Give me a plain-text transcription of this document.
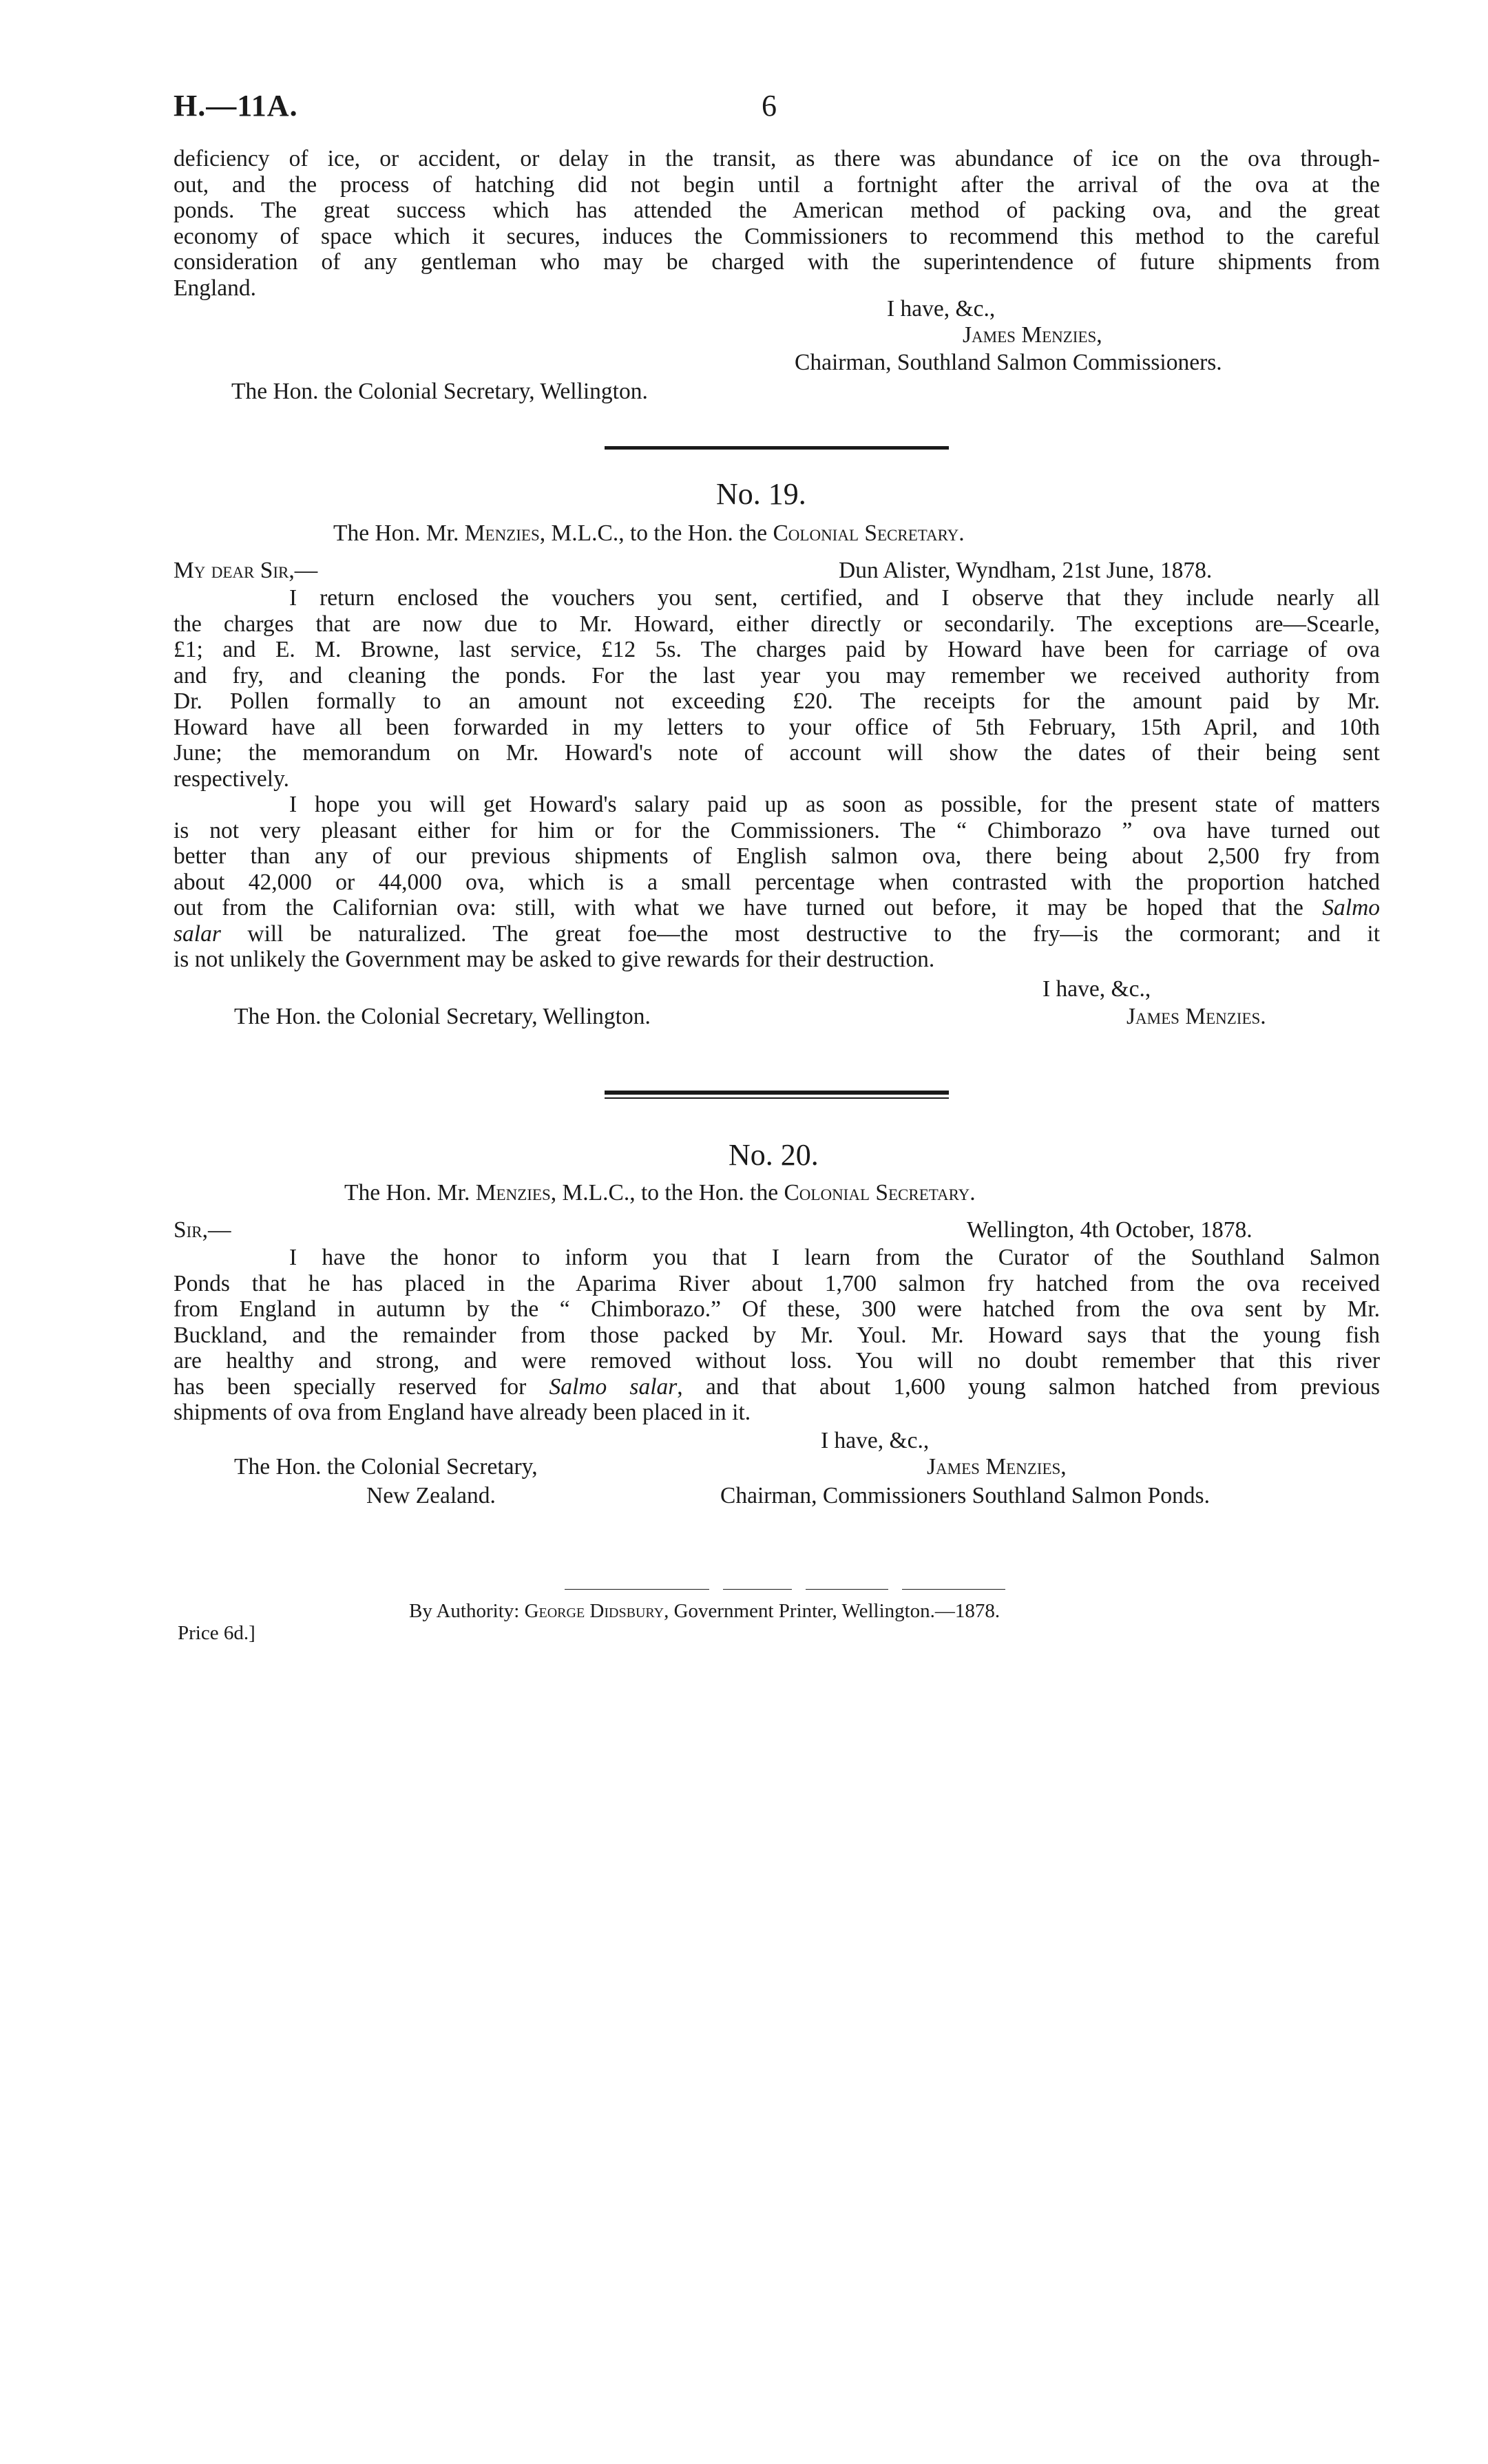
H.—11A.	6
deficiency of ice, or accident, or delay in the transit, as there was abundance of ice on the ova through-
out, and the process of hatching did not begin until a fortnight after the arrival of the ova at the
ponds. The great success which has attended the American method of packing ova, and the great
economy of space which it secures, induces the Commissioners to recommend this method to the careful
consideration of any gentleman who may be charged with the superintendence of future shipments from
England.
I have, &c.,
James Menzies,
Chairman, Southland Salmon Commissioners.
The Hon. the Colonial Secretary, Wellington.
No. 19.
The Hon. Mr. Menzies, M.L.C., to the Hon. the Colonial Secretary.
My dear Sir,—	Dun Alister, Wyndham, 21st June, 1878.
I return enclosed the vouchers you sent, certified, and I observe that they include nearly all
the charges that are now due to Mr. Howard, either directly or secondarily. The exceptions are—Scearle,
£1; and E. M. Browne, last service, £12 5s. The charges paid by Howard have been for carriage of ova
and fry, and cleaning the ponds. For the last year you may remember we received authority from
Dr. Pollen formally to an amount not exceeding £20. The receipts for the amount paid by Mr.
Howard have all been forwarded in my letters to your office of 5th February, 15th April, and 10th
June; the memorandum on Mr. Howard's note of account will show the dates of their being sent
respectively.
I hope you will get Howard's salary paid up as soon as possible, for the present state of matters
is not very pleasant either for him or for the Commissioners. The “ Chimborazo ” ova have turned out
better than any of our previous shipments of English salmon ova, there being about 2,500 fry from
about 42,000 or 44,000 ova, which is a small percentage when contrasted with the proportion hatched
out from the Californian ova: still, with what we have turned out before, it may be hoped that the Salmo
salar will be naturalized. The great foe—the most destructive to the fry—is the cormorant; and it
is not unlikely the Government may be asked to give rewards for their destruction.
I have, &c.,
The Hon. the Colonial Secretary, Wellington.	James Menzies.
No. 20.
The Hon. Mr. Menzies, M.L.C., to the Hon. the Colonial Secretary.
Sir,—	Wellington, 4th October, 1878.
I have the honor to inform you that I learn from the Curator of the Southland Salmon
Ponds that he has placed in the Aparima River about 1,700 salmon fry hatched from the ova received
from England in autumn by the “ Chimborazo.” Of these, 300 were hatched from the ova sent by Mr.
Buckland, and the remainder from those packed by Mr. Youl. Mr. Howard says that the young fish
are healthy and strong, and were removed without loss. You will no doubt remember that this river
has been specially reserved for Salmo salar, and that about 1,600 young salmon hatched from previous
shipments of ova from England have already been placed in it.
I have, &c.,
The Hon. the Colonial Secretary,	James Menzies,
New Zealand.	Chairman, Commissioners Southland Salmon Ponds.
By Authority: George Didsbury, Government Printer, Wellington.—1878.
Price 6d.]
